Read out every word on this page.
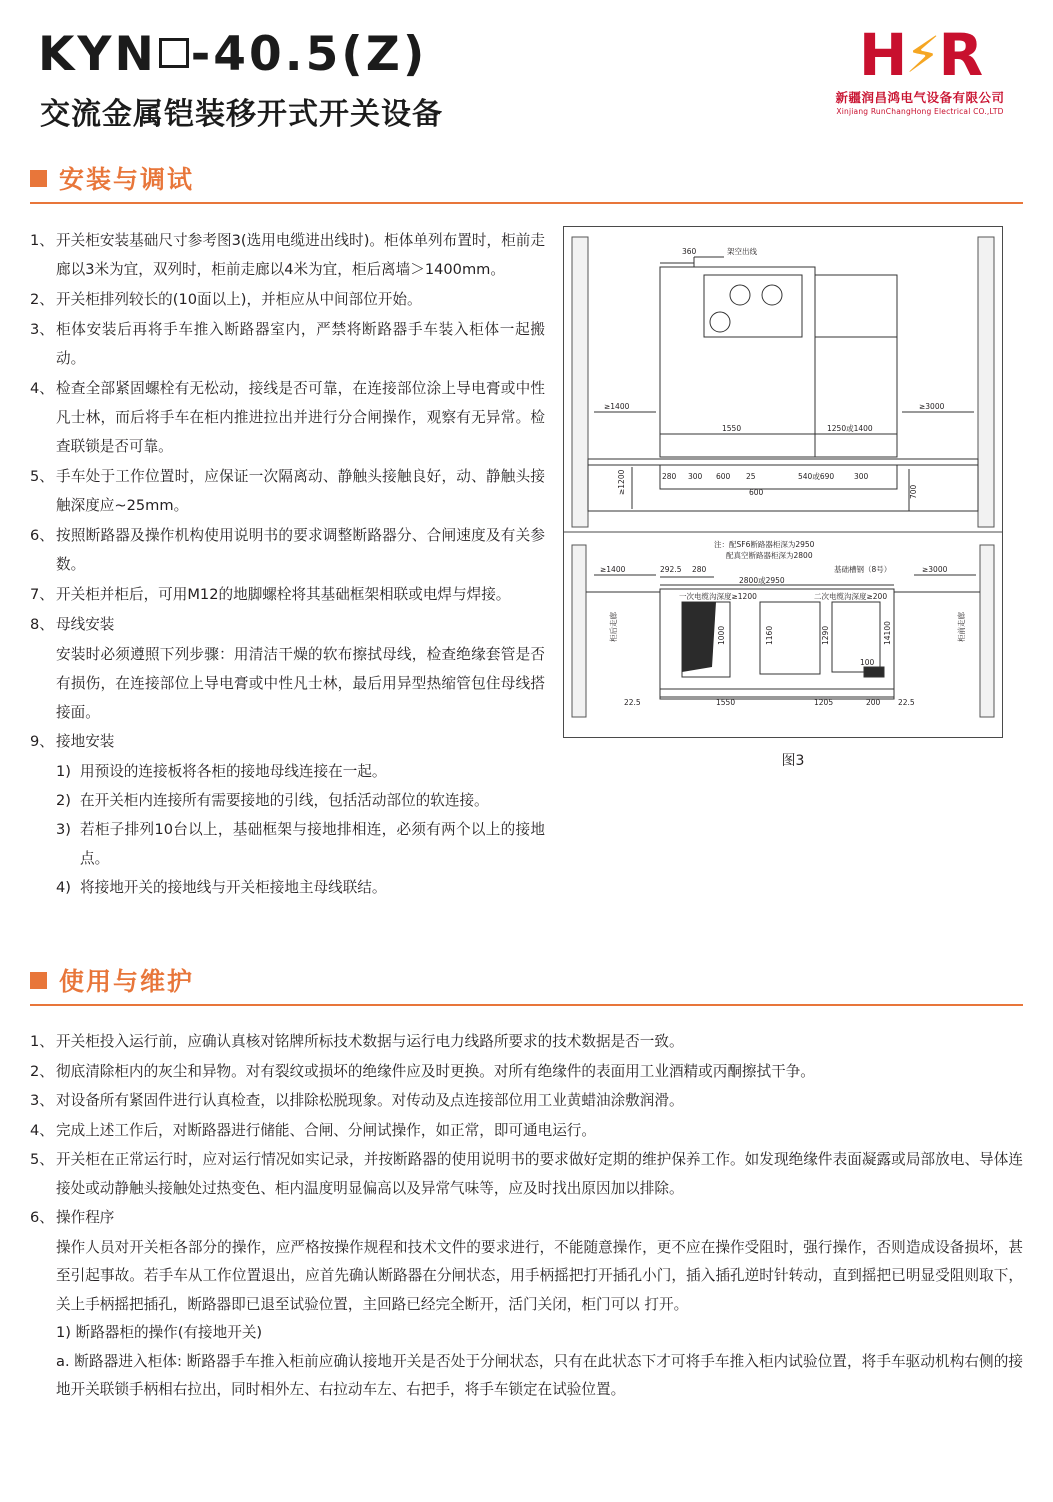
KYN -40.5(Z)
交流金属铠装移开式开关设备
H⚡R
新疆润昌鸿电气设备有限公司
Xinjiang RunChangHong Electrical CO.,LTD
安装与调试
1、 开关柜安装基础尺寸参考图3(选用电缆进出线时)。柜体单列布置时，柜前走廊以3米为宜，双列时，柜前走廊以4米为宜，柜后离墙＞1400mm。
2、 开关柜排列较长的(10面以上)，并柜应从中间部位开始。
3、 柜体安装后再将手车推入断路器室内，严禁将断路器手车装入柜体一起搬动。
4、 检查全部紧固螺栓有无松动，接线是否可靠，在连接部位涂上导电膏或中性凡士林，而后将手车在柜内推进拉出并进行分合闸操作，观察有无异常。检查联锁是否可靠。
5、 手车处于工作位置时，应保证一次隔离动、静触头接触良好，动、静触头接触深度应~25mm。
6、 按照断路器及操作机构使用说明书的要求调整断路器分、合闸速度及有关参数。
7、 开关柜并柜后，可用M12的地脚螺栓将其基础框架相联或电焊与焊接。
8、 母线安装
安装时必须遵照下列步骤：用清洁干燥的软布擦拭母线，检查绝缘套管是否有损伤，在连接部位上导电膏或中性凡士林，最后用异型热缩管包住母线搭接面。
9、 接地安装
1) 用预设的连接板将各柜的接地母线连接在一起。
2) 在开关柜内连接所有需要接地的引线，包括活动部位的软连接。
3) 若柜子排列10台以上，基础框架与接地排相连，必须有两个以上的接地点。
4) 将接地开关的接地线与开关柜接地主母线联结。
架空出线
360
≥1400	≥3000
1550	1250或1400
≥1200	280 300 600 25	540或690	300
600	700
注：配SF6断路器柜深为2950
配真空断路器柜深为2800
≥1400	≥3000
292.5 280
2800或2950
基础槽钢（8号）
一次电缆沟深度≥1200	二次电缆沟深度≥200
1000	1160	1290	14100
柜后走廊	柜前走廊
100
22.5	1550	1205	200 22.5
图3
使用与维护
1、 开关柜投入运行前，应确认真核对铭牌所标技术数据与运行电力线路所要求的技术数据是否一致。
2、 彻底清除柜内的灰尘和异物。对有裂纹或损坏的绝缘件应及时更换。对所有绝缘件的表面用工业酒精或丙酮擦拭干争。
3、 对设备所有紧固件进行认真检查，以排除松脱现象。对传动及点连接部位用工业黄蜡油涂敷润滑。
4、 完成上述工作后，对断路器进行储能、合闸、分闸试操作，如正常，即可通电运行。
5、 开关柜在正常运行时，应对运行情况如实记录，并按断路器的使用说明书的要求做好定期的维护保养工作。如发现绝缘件表面凝露或局部放电、导体连接处或动静触头接触处过热变色、柜内温度明显偏高以及异常气味等，应及时找出原因加以排除。
6、 操作程序
操作人员对开关柜各部分的操作，应严格按操作规程和技术文件的要求进行，不能随意操作，更不应在操作受阻时，强行操作，否则造成设备损坏，甚至引起事故。若手车从工作位置退出，应首先确认断路器在分闸状态，用手柄摇把打开插孔小门，插入插孔逆时针转动，直到摇把已明显受阻则取下，关上手柄摇把插孔，断路器即已退至试验位置，主回路已经完全断开，活门关闭，柜门可以 打开。
1) 断路器柜的操作(有接地开关)
a. 断路器进入柜体: 断路器手车推入柜前应确认接地开关是否处于分闸状态，只有在此状态下才可将手车推入柜内试验位置，将手车驱动机构右侧的接地开关联锁手柄相右拉出，同时相外左、右拉动车左、右把手，将手车锁定在试验位置。
